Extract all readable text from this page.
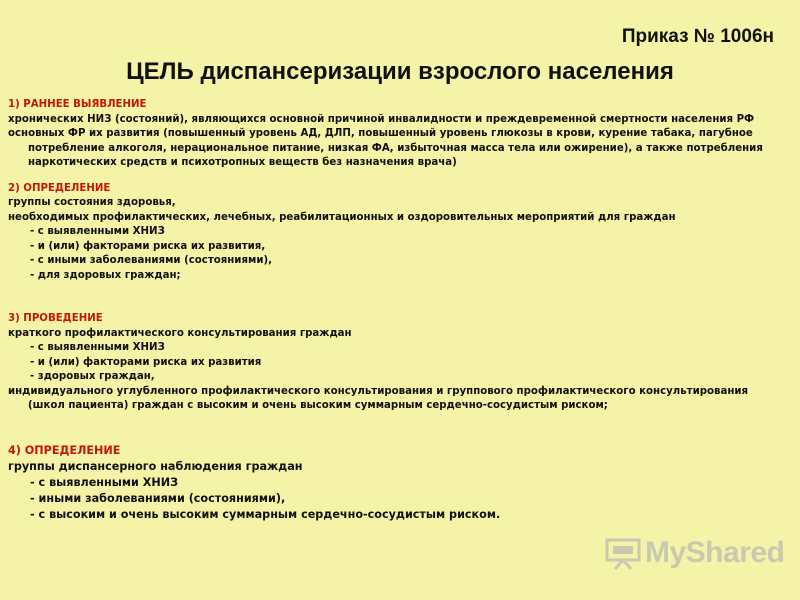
Приказ № 1006н
ЦЕЛЬ диспансеризации взрослого населения
1) РАННЕЕ ВЫЯВЛЕНИЕ
хронических НИЗ (состояний), являющихся основной причиной инвалидности и преждевременной смертности населения РФ
основных ФР их развития (повышенный уровень АД, ДЛП, повышенный уровень глюкозы в крови, курение табака, пагубное потребление алкоголя, нерациональное питание, низкая ФА, избыточная масса тела или ожирение), а также потребления наркотических средств и психотропных веществ без назначения врача)
2) ОПРЕДЕЛЕНИЕ
группы состояния здоровья,
необходимых профилактических, лечебных, реабилитационных и оздоровительных мероприятий для граждан
- с выявленными ХНИЗ
- и (или) факторами риска их развития,
- с иными заболеваниями (состояниями),
- для здоровых граждан;
3) ПРОВЕДЕНИЕ
краткого профилактического консультирования граждан
- с выявленными ХНИЗ
- и (или) факторами риска их развития
- здоровых граждан,
индивидуального углубленного профилактического консультирования и группового профилактического консультирования (школ пациента) граждан с высоким и очень высоким суммарным сердечно-сосудистым риском;
4) ОПРЕДЕЛЕНИЕ
группы диспансерного наблюдения граждан
- с выявленными ХНИЗ
- иными заболеваниями (состояниями),
- с высоким и очень высоким суммарным сердечно-сосудистым риском.
MyShared
